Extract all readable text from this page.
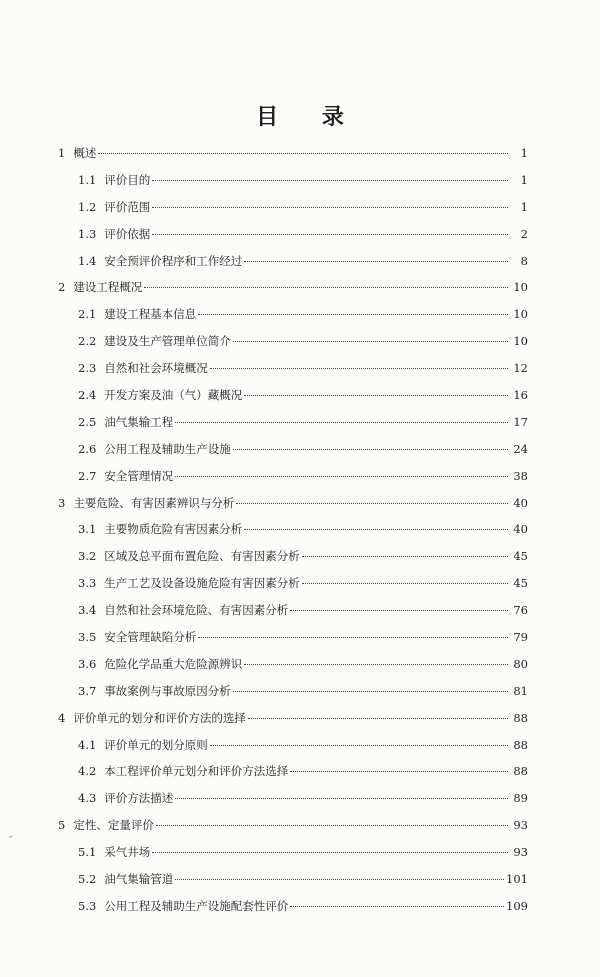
目 录
1 概述	1
1.1 评价目的	1
1.2 评价范围	1
1.3 评价依据	2
1.4 安全预评价程序和工作经过	8
2 建设工程概况	10
2.1 建设工程基本信息	10
2.2 建设及生产管理单位简介	10
2.3 自然和社会环境概况	12
2.4 开发方案及油（气）藏概况	16
2.5 油气集输工程	17
2.6 公用工程及辅助生产设施	24
2.7 安全管理情况	38
3 主要危险、有害因素辨识与分析	40
3.1 主要物质危险有害因素分析	40
3.2 区域及总平面布置危险、有害因素分析	45
3.3 生产工艺及设备设施危险有害因素分析	45
3.4 自然和社会环境危险、有害因素分析	76
3.5 安全管理缺陷分析	79
3.6 危险化学品重大危险源辨识	80
3.7 事故案例与事故原因分析	81
4 评价单元的划分和评价方法的选择	88
4.1 评价单元的划分原则	88
4.2 本工程评价单元划分和评价方法选择	88
4.3 评价方法描述	89
5 定性、定量评价	93
5.1 采气井场	93
5.2 油气集输管道	101
5.3 公用工程及辅助生产设施配套性评价	109
